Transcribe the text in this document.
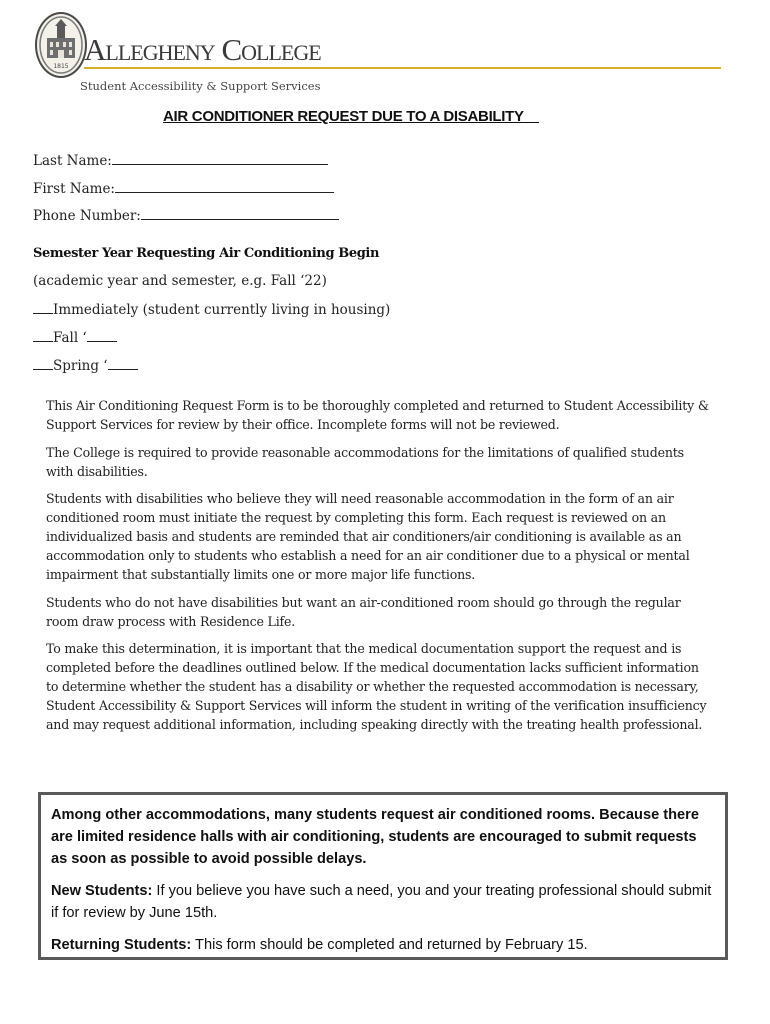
1815 Allegheny College
Student Accessibility & Support Services
AIR CONDITIONER REQUEST DUE TO A DISABILITY
Last Name:
First Name:
Phone Number:
Semester Year Requesting Air Conditioning Begin
(academic year and semester, e.g. Fall ‘22)
Immediately (student currently living in housing)
Fall ‘
Spring ‘
This Air Conditioning Request Form is to be thoroughly completed and returned to Student Accessibility & Support Services for review by their office. Incomplete forms will not be reviewed.
The College is required to provide reasonable accommodations for the limitations of qualified students with disabilities.
Students with disabilities who believe they will need reasonable accommodation in the form of an air conditioned room must initiate the request by completing this form. Each request is reviewed on an individualized basis and students are reminded that air conditioners/air conditioning is available as an accommodation only to students who establish a need for an air conditioner due to a physical or mental impairment that substantially limits one or more major life functions.
Students who do not have disabilities but want an air-conditioned room should go through the regular room draw process with Residence Life.
To make this determination, it is important that the medical documentation support the request and is completed before the deadlines outlined below. If the medical documentation lacks sufficient information to determine whether the student has a disability or whether the requested accommodation is necessary, Student Accessibility & Support Services will inform the student in writing of the verification insufficiency and may request additional information, including speaking directly with the treating health professional.

Among other accommodations, many students request air conditioned rooms. Because there are limited residence halls with air conditioning, students are encouraged to submit requests as soon as possible to avoid possible delays.

New Students: If you believe you have such a need, you and your treating professional should submit if for review by June 15th.

Returning Students: This form should be completed and returned by February 15.
